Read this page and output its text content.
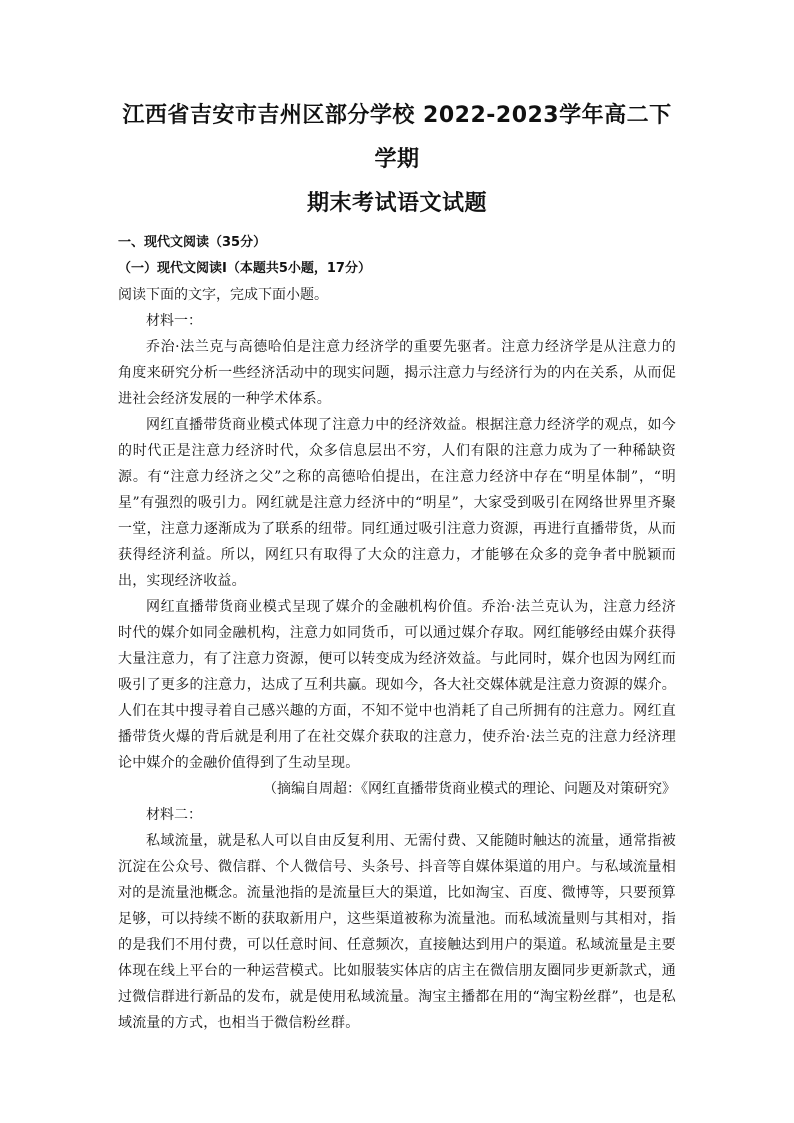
江西省吉安市吉州区部分学校 2022-2023学年高二下学期
期末考试语文试题

一、现代文阅读（35分）

（一）现代文阅读Ⅰ（本题共5小题，17分）

阅读下面的文字，完成下面小题。

材料一：

乔治·法兰克与高德哈伯是注意力经济学的重要先驱者。注意力经济学是从注意力的角度来研究分析一些经济活动中的现实问题，揭示注意力与经济行为的内在关系，从而促进社会经济发展的一种学术体系。

网红直播带货商业模式体现了注意力中的经济效益。根据注意力经济学的观点，如今的时代正是注意力经济时代，众多信息层出不穷，人们有限的注意力成为了一种稀缺资源。有“注意力经济之父”之称的高德哈伯提出，在注意力经济中存在“明星体制”，“明星”有强烈的吸引力。网红就是注意力经济中的“明星”，大家受到吸引在网络世界里齐聚一堂，注意力逐渐成为了联系的纽带。同红通过吸引注意力资源，再进行直播带货，从而获得经济利益。所以，网红只有取得了大众的注意力，才能够在众多的竞争者中脱颖而出，实现经济收益。

网红直播带货商业模式呈现了媒介的金融机构价值。乔治·法兰克认为，注意力经济时代的媒介如同金融机构，注意力如同货币，可以通过媒介存取。网红能够经由媒介获得大量注意力，有了注意力资源，便可以转变成为经济效益。与此同时，媒介也因为网红而吸引了更多的注意力，达成了互利共赢。现如今，各大社交媒体就是注意力资源的媒介。人们在其中搜寻着自己感兴趣的方面，不知不觉中也消耗了自己所拥有的注意力。网红直播带货火爆的背后就是利用了在社交媒介获取的注意力，使乔治·法兰克的注意力经济理论中媒介的金融价值得到了生动呈现。

（摘编自周超：《网红直播带货商业模式的理论、问题及对策研究》

材料二：

私域流量，就是私人可以自由反复利用、无需付费、又能随时触达的流量，通常指被沉淀在公众号、微信群、个人微信号、头条号、抖音等自媒体渠道的用户。与私域流量相对的是流量池概念。流量池指的是流量巨大的渠道，比如淘宝、百度、微博等，只要预算足够，可以持续不断的获取新用户，这些渠道被称为流量池。而私域流量则与其相对，指的是我们不用付费，可以任意时间、任意频次，直接触达到用户的渠道。私域流量是主要体现在线上平台的一种运营模式。比如服装实体店的店主在微信朋友圈同步更新款式，通过微信群进行新品的发布，就是使用私域流量。淘宝主播都在用的“淘宝粉丝群”，也是私域流量的方式，也相当于微信粉丝群。
